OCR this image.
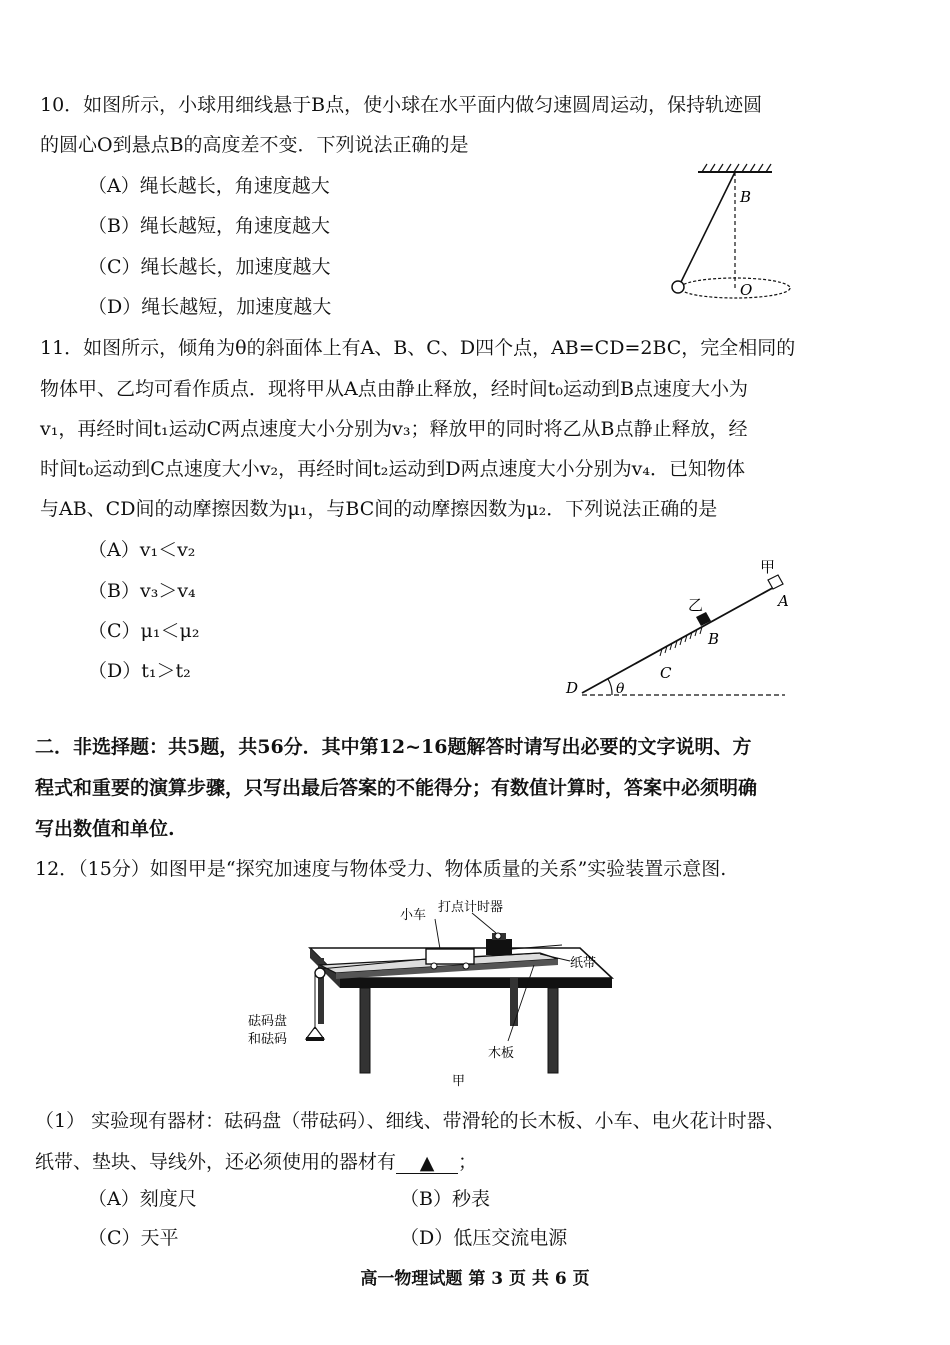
10．如图所示，小球用细线悬于B点，使小球在水平面内做匀速圆周运动，保持轨迹圆
的圆心O到悬点B的高度差不变．下列说法正确的是
（A）绳长越长，角速度越大
（B）绳长越短，角速度越大
（C）绳长越长，加速度越大
（D）绳长越短，加速度越大
B
O
11．如图所示，倾角为θ的斜面体上有A、B、C、D四个点，AB=CD=2BC，完全相同的
物体甲、乙均可看作质点．现将甲从A点由静止释放，经时间t₀运动到B点速度大小为
v₁，再经时间t₁运动C两点速度大小分别为v₃；释放甲的同时将乙从B点静止释放，经
时间t₀运动到C点速度大小v₂，再经时间t₂运动到D两点速度大小分别为v₄．已知物体
与AB、CD间的动摩擦因数为μ₁，与BC间的动摩擦因数为μ₂．下列说法正确的是
（A）v₁＜v₂
（B）v₃＞v₄
（C）μ₁＜μ₂
（D）t₁＞t₂
甲
乙	A
B
C
D	θ
二．非选择题：共5题，共56分．其中第12~16题解答时请写出必要的文字说明、方
程式和重要的演算步骤，只写出最后答案的不能得分；有数值计算时，答案中必须明确
写出数值和单位.
12．（15分）如图甲是“探究加速度与物体受力、物体质量的关系”实验装置示意图.
小车
打点计时器
纸带
砝码盘
和砝码
木板
甲
（1） 实验现有器材：砝码盘（带砝码）、细线、带滑轮的长木板、小车、电火花计时器、
纸带、垫块、导线外，还必须使用的器材有 ▲ ；
（A）刻度尺	（B）秒表
（C）天平	（D）低压交流电源
高一物理试题 第 3 页 共 6 页
